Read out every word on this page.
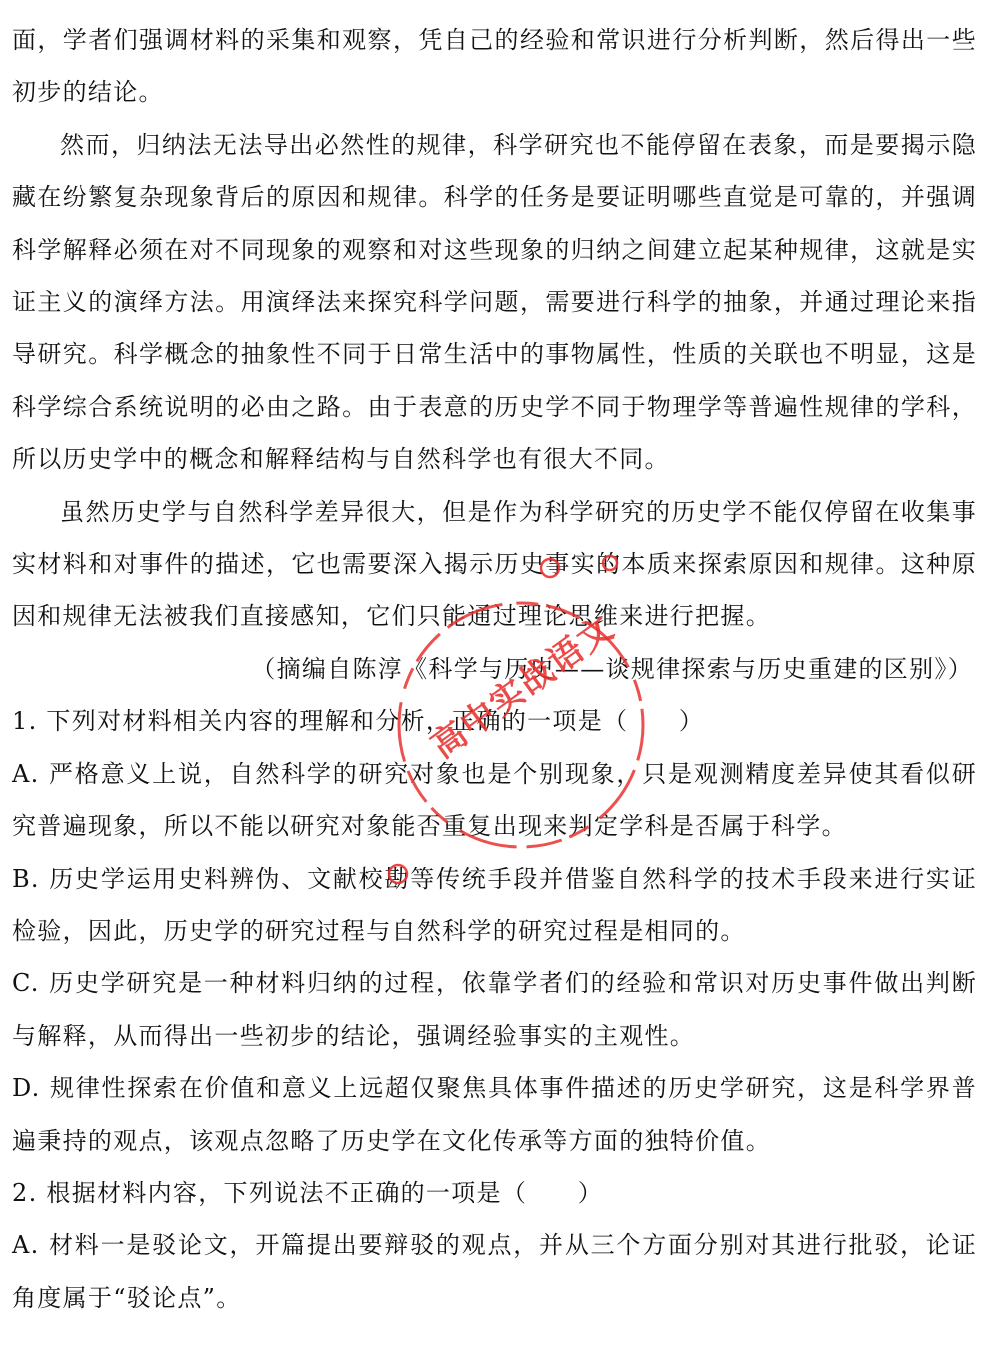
面，学者们强调材料的采集和观察，凭自己的经验和常识进行分析判断，然后得出一些初步的结论。

然而，归纳法无法导出必然性的规律，科学研究也不能停留在表象，而是要揭示隐藏在纷繁复杂现象背后的原因和规律。科学的任务是要证明哪些直觉是可靠的，并强调科学解释必须在对不同现象的观察和对这些现象的归纳之间建立起某种规律，这就是实证主义的演绎方法。用演绎法来探究科学问题，需要进行科学的抽象，并通过理论来指导研究。科学概念的抽象性不同于日常生活中的事物属性，性质的关联也不明显，这是科学综合系统说明的必由之路。由于表意的历史学不同于物理学等普遍性规律的学科，所以历史学中的概念和解释结构与自然科学也有很大不同。

虽然历史学与自然科学差异很大，但是作为科学研究的历史学不能仅停留在收集事实材料和对事件的描述，它也需要深入揭示历史事实的本质来探索原因和规律。这种原因和规律无法被我们直接感知，它们只能通过理论思维来进行把握。

（摘编自陈淳《科学与历史——谈规律探索与历史重建的区别》）

1. 下列对材料相关内容的理解和分析，正确的一项是（　　）

A. 严格意义上说，自然科学的研究对象也是个别现象，只是观测精度差异使其看似研究普遍现象，所以不能以研究对象能否重复出现来判定学科是否属于科学。

B. 历史学运用史料辨伪、文献校勘等传统手段并借鉴自然科学的技术手段来进行实证检验，因此，历史学的研究过程与自然科学的研究过程是相同的。

C. 历史学研究是一种材料归纳的过程，依靠学者们的经验和常识对历史事件做出判断与解释，从而得出一些初步的结论，强调经验事实的主观性。

D. 规律性探索在价值和意义上远超仅聚焦具体事件描述的历史学研究，这是科学界普遍秉持的观点，该观点忽略了历史学在文化传承等方面的独特价值。

2. 根据材料内容，下列说法不正确的一项是（　　）

A. 材料一是驳论文，开篇提出要辩驳的观点，并从三个方面分别对其进行批驳，论证角度属于“驳论点”。

高中实战语文
